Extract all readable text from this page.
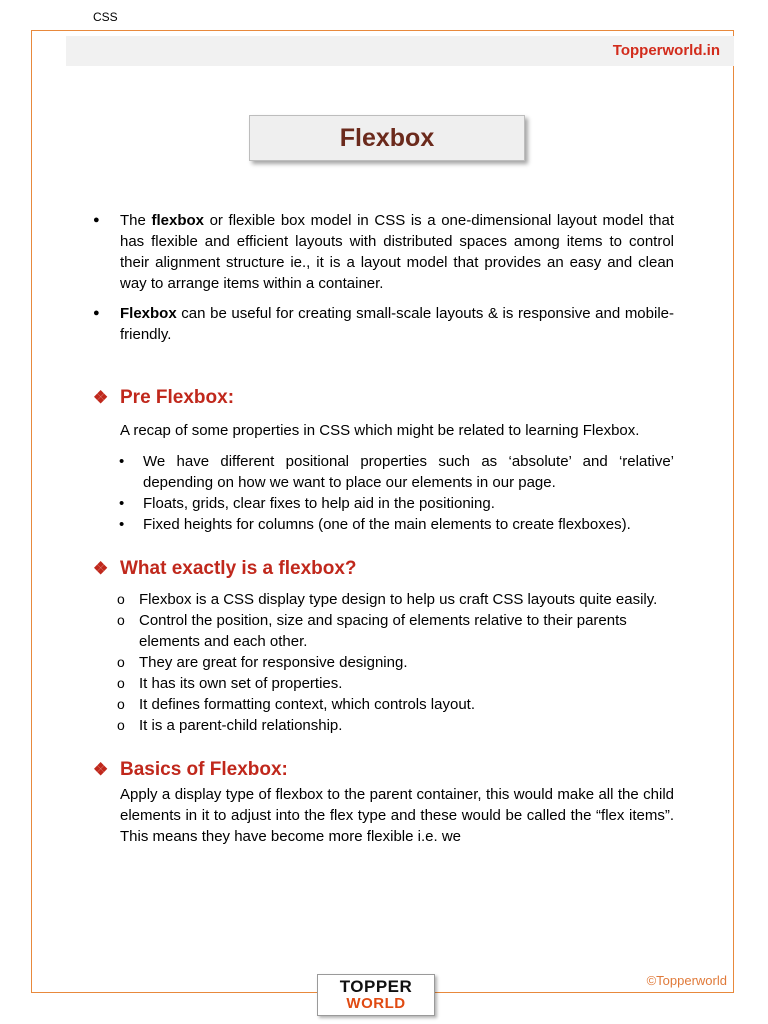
CSS
Topperworld.in
Flexbox
● The flexbox or flexible box model in CSS is a one-dimensional layout model that has flexible and efficient layouts with distributed spaces among items to control their alignment structure ie., it is a layout model that provides an easy and clean way to arrange items within a container.
● Flexbox can be useful for creating small-scale layouts & is responsive and mobile-friendly.
❖ Pre Flexbox:
A recap of some properties in CSS which might be related to learning Flexbox.
• We have different positional properties such as ‘absolute’ and ‘relative’ depending on how we want to place our elements in our page.
• Floats, grids, clear fixes to help aid in the positioning.
• Fixed heights for columns (one of the main elements to create flexboxes).
❖ What exactly is a flexbox?
o Flexbox is a CSS display type design to help us craft CSS layouts quite easily.
o Control the position, size and spacing of elements relative to their parents elements and each other.
o They are great for responsive designing.
o It has its own set of properties.
o It defines formatting context, which controls layout.
o It is a parent-child relationship.
❖ Basics of Flexbox:
Apply a display type of flexbox to the parent container, this would make all the child elements in it to adjust into the flex type and these would be called the “flex items”. This means they have become more flexible i.e. we
©Topperworld
TOPPER
WORLD
